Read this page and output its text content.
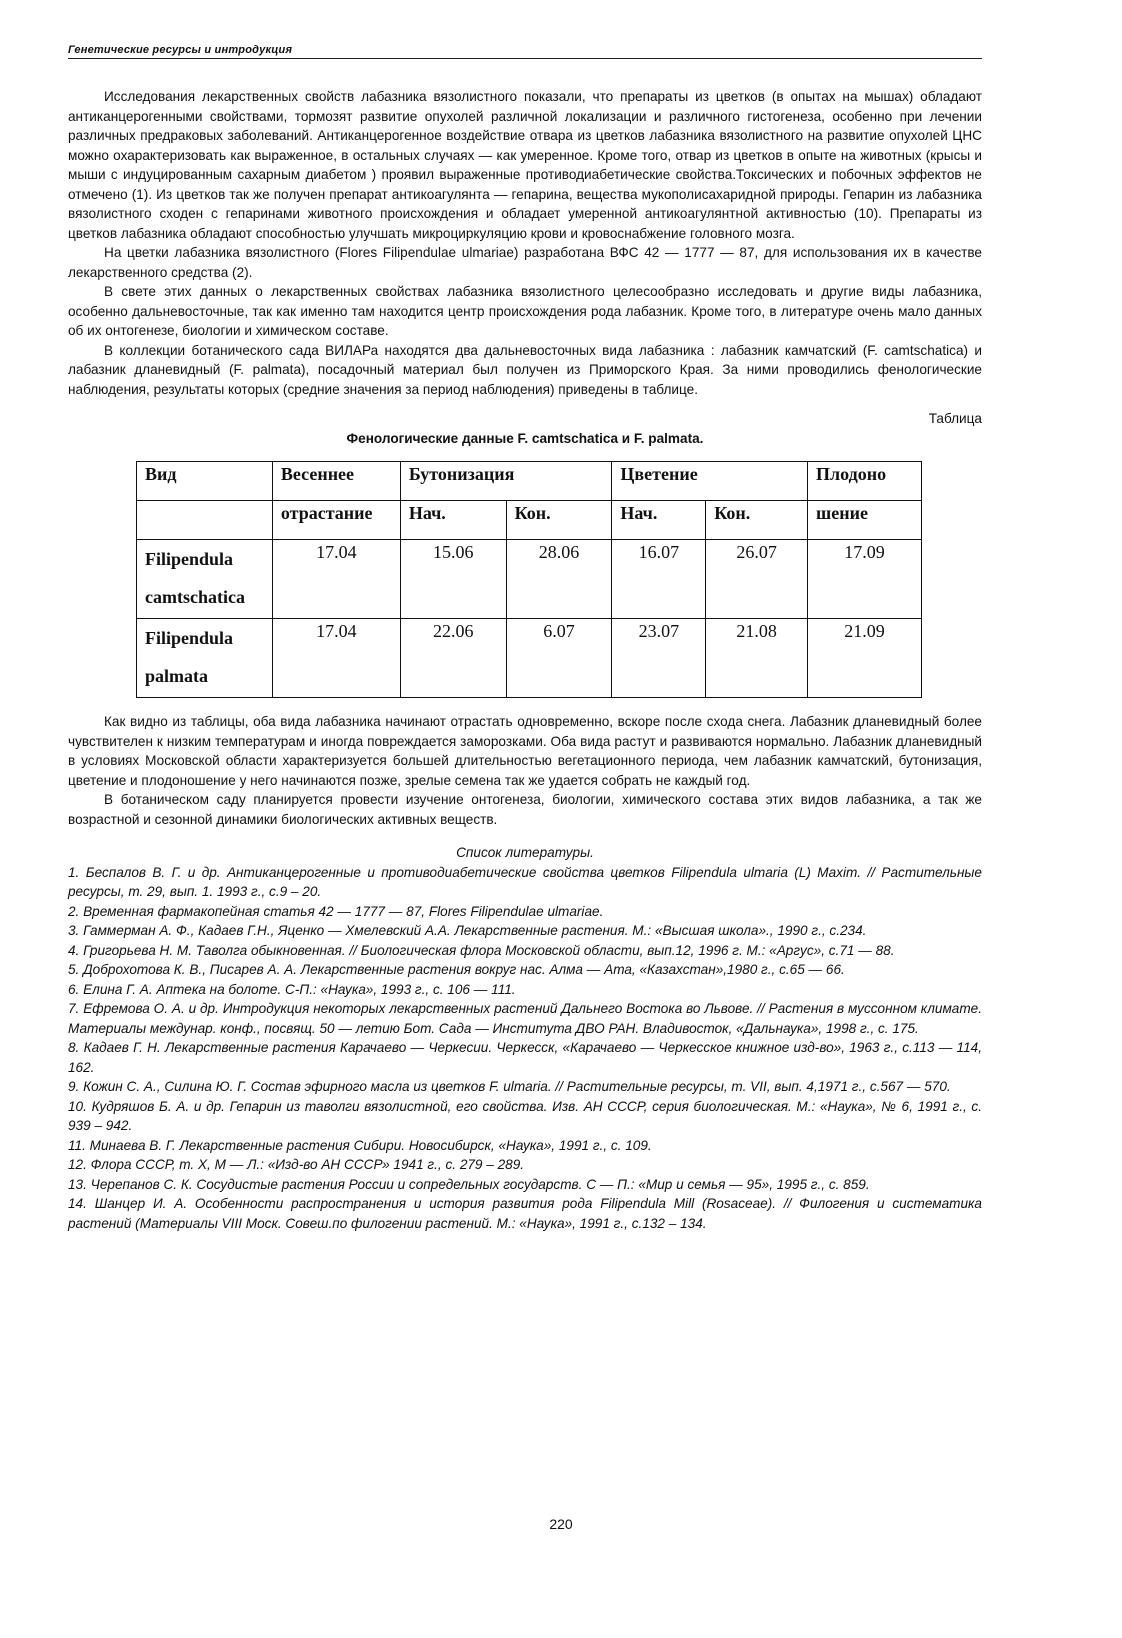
Генетические ресурсы и интродукция

Исследования лекарственных свойств лабазника вязолистного показали, что препараты из цветков (в опытах на мышах) обладают антиканцерогенными свойствами, тормозят развитие опухолей различной локализации и различного гистогенеза, особенно при лечении различных предраковых заболеваний. Антиканцерогенное воздействие отвара из цветков лабазника вязолистного на развитие опухолей ЦНС можно охарактеризовать как выраженное, в остальных случаях — как умеренное. Кроме того, отвар из цветков в опыте на животных (крысы и мыши с индуцированным сахарным диабетом ) проявил выраженные противодиабетические свойства.Токсических и побочных эффектов не отмечено (1). Из цветков так же получен препарат антикоагулянта — гепарина, вещества мукополисахаридной природы. Гепарин из лабазника вязолистного сходен с гепаринами животного происхождения и обладает умеренной антикоагулянтной активностью (10). Препараты из цветков лабазника обладают способностью улучшать микроциркуляцию крови и кровоснабжение головного мозга.

На цветки лабазника вязолистного (Flores Filipendulae ulmariae) разработана ВФС 42 — 1777 — 87, для использования их в качестве лекарственного средства (2).

В свете этих данных о лекарственных свойствах лабазника вязолистного целесообразно исследовать и другие виды лабазника, особенно дальневосточные, так как именно там находится центр происхождения рода лабазник. Кроме того, в литературе очень мало данных об их онтогенезе, биологии и химическом составе.

В коллекции ботанического сада ВИЛАРа находятся два дальневосточных вида лабазника : лабазник камчатский (F. camtschatica) и лабазник дланевидный (F. palmata), посадочный материал был получен из Приморского Края. За ними проводились фенологические наблюдения, результаты которых (средние значения за период наблюдения) приведены в таблице.

Таблица
Фенологические данные F. camtschatica и F. palmata.
Вид	Весеннее	Бутонизация		Цветение		Плодоно
	отрастание	Нач.	Кон.	Нач.	Кон.	шение
Filipendula
camtschatica	17.04	15.06	28.06	16.07	26.07	17.09
Filipendula
palmata	17.04	22.06	6.07	23.07	21.08	21.09

Как видно из таблицы, оба вида лабазника начинают отрастать одновременно, вскоре после схода снега. Лабазник дланевидный более чувствителен к низким температурам и иногда повреждается заморозками. Оба вида растут и развиваются нормально. Лабазник дланевидный в условиях Московской области характеризуется большей длительностью вегетационного периода, чем лабазник камчатский, бутонизация, цветение и плодоношение у него начинаются позже, зрелые семена так же удается собрать не каждый год.

В ботаническом саду планируется провести изучение онтогенеза, биологии, химического состава этих видов лабазника, а так же возрастной и сезонной динамики биологических активных веществ.

Список литературы.
1. Беспалов В. Г. и др. Антиканцерогенные и противодиабетические свойства цветков Filipendula ulmaria (L) Maxim. // Растительные ресурсы, т. 29, вып. 1. 1993 г., с.9 – 20.
2. Временная фармакопейная статья 42 — 1777 — 87, Flores Filipendulae ulmariae.
3. Гаммерман А. Ф., Кадаев Г.Н., Яценко — Хмелевский А.А. Лекарственные растения. М.: «Высшая школа»., 1990 г., с.234.
4. Григорьева Н. М. Таволга обыкновенная. // Биологическая флора Московской области, вып.12, 1996 г. М.: «Аргус», с.71 — 88.
5. Доброхотова К. В., Писарев А. А. Лекарственные растения вокруг нас. Алма — Ата, «Казахстан»,1980 г., с.65 — 66.
6. Елина Г. А. Аптека на болоте. С-П.: «Наука», 1993 г., с. 106 — 111.
7. Ефремова О. А. и др. Интродукция некоторых лекарственных растений Дальнего Востока во Львове. // Растения в муссонном климате. Материалы междунар. конф., посвящ. 50 — летию Бот. Сада — Института ДВО РАН. Владивосток, «Дальнаука», 1998 г., с. 175.
8. Кадаев Г. Н. Лекарственные растения Карачаево — Черкесии. Черкесск, «Карачаево — Черкесское книжное изд-во», 1963 г., с.113 — 114, 162.
9. Кожин С. А., Силина Ю. Г. Состав эфирного масла из цветков F. ulmaria. // Растительные ресурсы, т. VII, вып. 4,1971 г., с.567 — 570.
10. Кудряшов Б. А. и др. Гепарин из таволги вязолистной, его свойства. Изв. АН СССР, серия биологическая. М.: «Наука», № 6, 1991 г., с. 939 – 942.
11. Минаева В. Г. Лекарственные растения Сибири. Новосибирск, «Наука», 1991 г., с. 109.
12. Флора СССР, т. X, М — Л.: «Изд-во АН СССР» 1941 г., с. 279 – 289.
13. Черепанов С. К. Сосудистые растения России и сопредельных государств. С — П.: «Мир и семья — 95», 1995 г., с. 859.
14. Шанцер И. А. Особенности распространения и история развития рода Filipendula Mill (Rosaceae). // Филогения и систематика растений (Материалы VIII Моск. Совеш.по филогении растений. М.: «Наука», 1991 г., с.132 – 134.
220
